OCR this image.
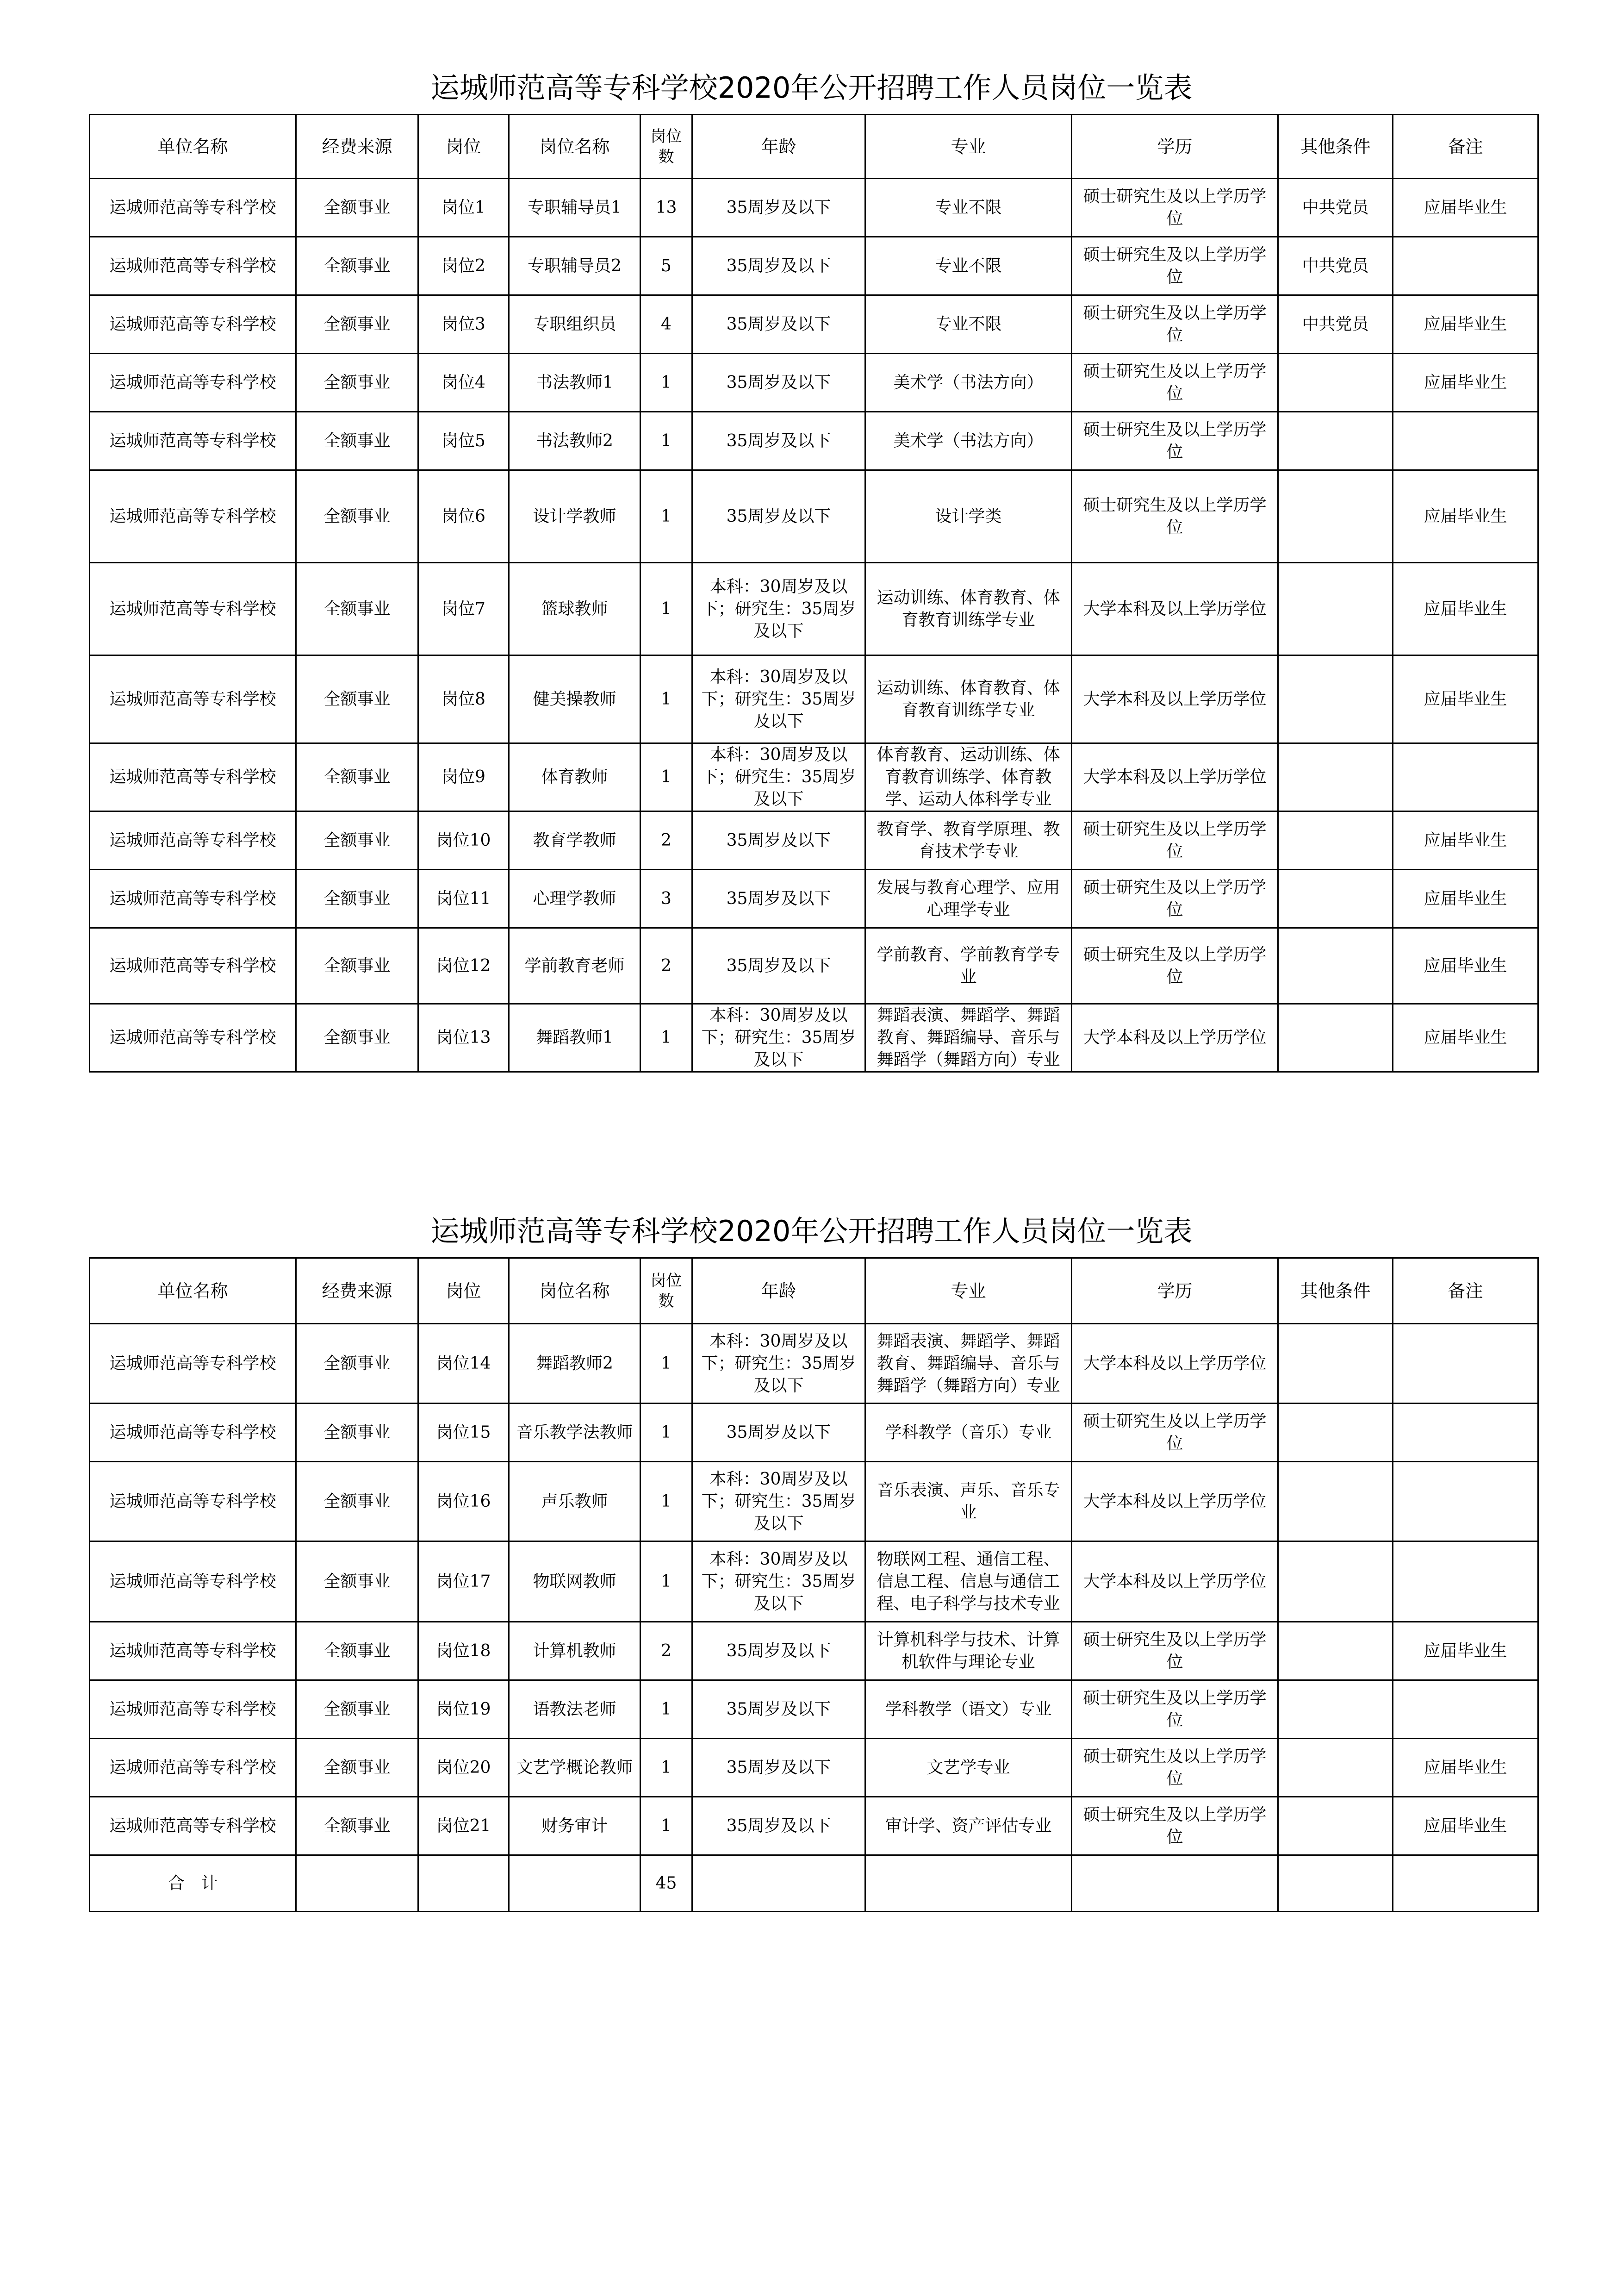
运城师范高等专科学校2020年公开招聘工作人员岗位一览表
单位名称	经费来源	岗位	岗位名称	岗位数	年龄	专业	学历	其他条件	备注
运城师范高等专科学校	全额事业	岗位1	专职辅导员1	13	35周岁及以下	专业不限	硕士研究生及以上学历学位	中共党员	应届毕业生
运城师范高等专科学校	全额事业	岗位2	专职辅导员2	5	35周岁及以下	专业不限	硕士研究生及以上学历学位	中共党员	
运城师范高等专科学校	全额事业	岗位3	专职组织员	4	35周岁及以下	专业不限	硕士研究生及以上学历学位	中共党员	应届毕业生
运城师范高等专科学校	全额事业	岗位4	书法教师1	1	35周岁及以下	美术学（书法方向）	硕士研究生及以上学历学位		应届毕业生
运城师范高等专科学校	全额事业	岗位5	书法教师2	1	35周岁及以下	美术学（书法方向）	硕士研究生及以上学历学位		
运城师范高等专科学校	全额事业	岗位6	设计学教师	1	35周岁及以下	设计学类	硕士研究生及以上学历学位		应届毕业生
运城师范高等专科学校	全额事业	岗位7	篮球教师	1	本科：30周岁及以下；研究生：35周岁及以下	运动训练、体育教育、体育教育训练学专业	大学本科及以上学历学位		应届毕业生
运城师范高等专科学校	全额事业	岗位8	健美操教师	1	本科：30周岁及以下；研究生：35周岁及以下	运动训练、体育教育、体育教育训练学专业	大学本科及以上学历学位		应届毕业生
运城师范高等专科学校	全额事业	岗位9	体育教师	1	本科：30周岁及以下；研究生：35周岁及以下	体育教育、运动训练、体育教育训练学、体育教学、运动人体科学专业	大学本科及以上学历学位		
运城师范高等专科学校	全额事业	岗位10	教育学教师	2	35周岁及以下	教育学、教育学原理、教育技术学专业	硕士研究生及以上学历学位		应届毕业生
运城师范高等专科学校	全额事业	岗位11	心理学教师	3	35周岁及以下	发展与教育心理学、应用心理学专业	硕士研究生及以上学历学位		应届毕业生
运城师范高等专科学校	全额事业	岗位12	学前教育老师	2	35周岁及以下	学前教育、学前教育学专业	硕士研究生及以上学历学位		应届毕业生
运城师范高等专科学校	全额事业	岗位13	舞蹈教师1	1	本科：30周岁及以下；研究生：35周岁及以下	舞蹈表演、舞蹈学、舞蹈教育、舞蹈编导、音乐与舞蹈学（舞蹈方向）专业	大学本科及以上学历学位		应届毕业生
运城师范高等专科学校2020年公开招聘工作人员岗位一览表
单位名称	经费来源	岗位	岗位名称	岗位数	年龄	专业	学历	其他条件	备注
运城师范高等专科学校	全额事业	岗位14	舞蹈教师2	1	本科：30周岁及以下；研究生：35周岁及以下	舞蹈表演、舞蹈学、舞蹈教育、舞蹈编导、音乐与舞蹈学（舞蹈方向）专业	大学本科及以上学历学位		
运城师范高等专科学校	全额事业	岗位15	音乐教学法教师	1	35周岁及以下	学科教学（音乐）专业	硕士研究生及以上学历学位		
运城师范高等专科学校	全额事业	岗位16	声乐教师	1	本科：30周岁及以下；研究生：35周岁及以下	音乐表演、声乐、音乐专业	大学本科及以上学历学位		
运城师范高等专科学校	全额事业	岗位17	物联网教师	1	本科：30周岁及以下；研究生：35周岁及以下	物联网工程、通信工程、信息工程、信息与通信工程、电子科学与技术专业	大学本科及以上学历学位		
运城师范高等专科学校	全额事业	岗位18	计算机教师	2	35周岁及以下	计算机科学与技术、计算机软件与理论专业	硕士研究生及以上学历学位		应届毕业生
运城师范高等专科学校	全额事业	岗位19	语教法老师	1	35周岁及以下	学科教学（语文）专业	硕士研究生及以上学历学位		
运城师范高等专科学校	全额事业	岗位20	文艺学概论教师	1	35周岁及以下	文艺学专业	硕士研究生及以上学历学位		应届毕业生
运城师范高等专科学校	全额事业	岗位21	财务审计	1	35周岁及以下	审计学、资产评估专业	硕士研究生及以上学历学位		应届毕业生
合　计				45					
